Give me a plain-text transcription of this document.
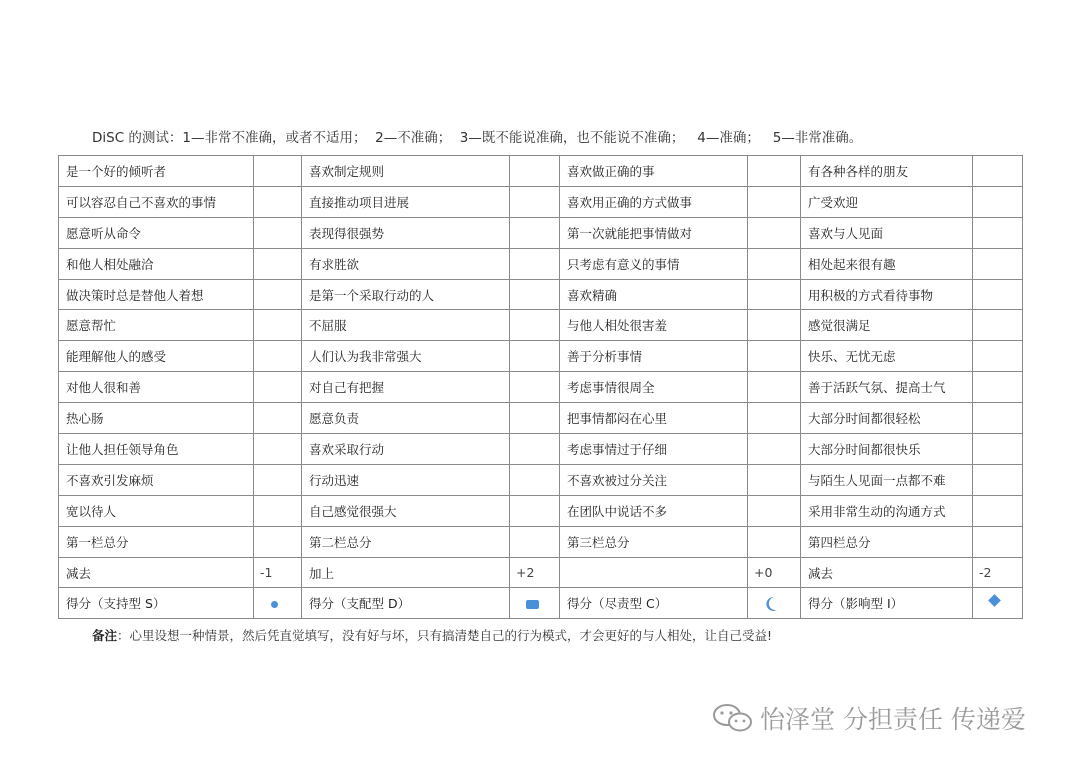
DiSC 的测试：1—非常不准确，或者不适用；  2—不准确；  3—既不能说准确，也不能说不准确；   4—准确；   5—非常准确。
是一个好的倾听者		喜欢制定规则		喜欢做正确的事		有各种各样的朋友	
可以容忍自己不喜欢的事情		直接推动项目进展		喜欢用正确的方式做事		广受欢迎	
愿意听从命令		表现得很强势		第一次就能把事情做对		喜欢与人见面	
和他人相处融洽		有求胜欲		只考虑有意义的事情		相处起来很有趣	
做决策时总是替他人着想		是第一个采取行动的人		喜欢精确		用积极的方式看待事物	
愿意帮忙		不屈服		与他人相处很害羞		感觉很满足	
能理解他人的感受		人们认为我非常强大		善于分析事情		快乐、无忧无虑	
对他人很和善		对自己有把握		考虑事情很周全		善于活跃气氛、提高士气	
热心肠		愿意负责		把事情都闷在心里		大部分时间都很轻松	
让他人担任领导角色		喜欢采取行动		考虑事情过于仔细		大部分时间都很快乐	
不喜欢引发麻烦		行动迅速		不喜欢被过分关注		与陌生人见面一点都不难	
宽以待人		自己感觉很强大		在团队中说话不多		采用非常生动的沟通方式	
第一栏总分		第二栏总分		第三栏总分		第四栏总分	
减去	-1	加上	+2		+0	减去	-2
得分（支持型 S）		得分（支配型 D）		得分（尽责型 C）		得分（影响型 I）	
备注：心里设想一种情景，然后凭直觉填写，没有好与坏，只有搞清楚自己的行为模式，才会更好的与人相处，让自己受益!
怡泽堂 分担责任 传递爱
